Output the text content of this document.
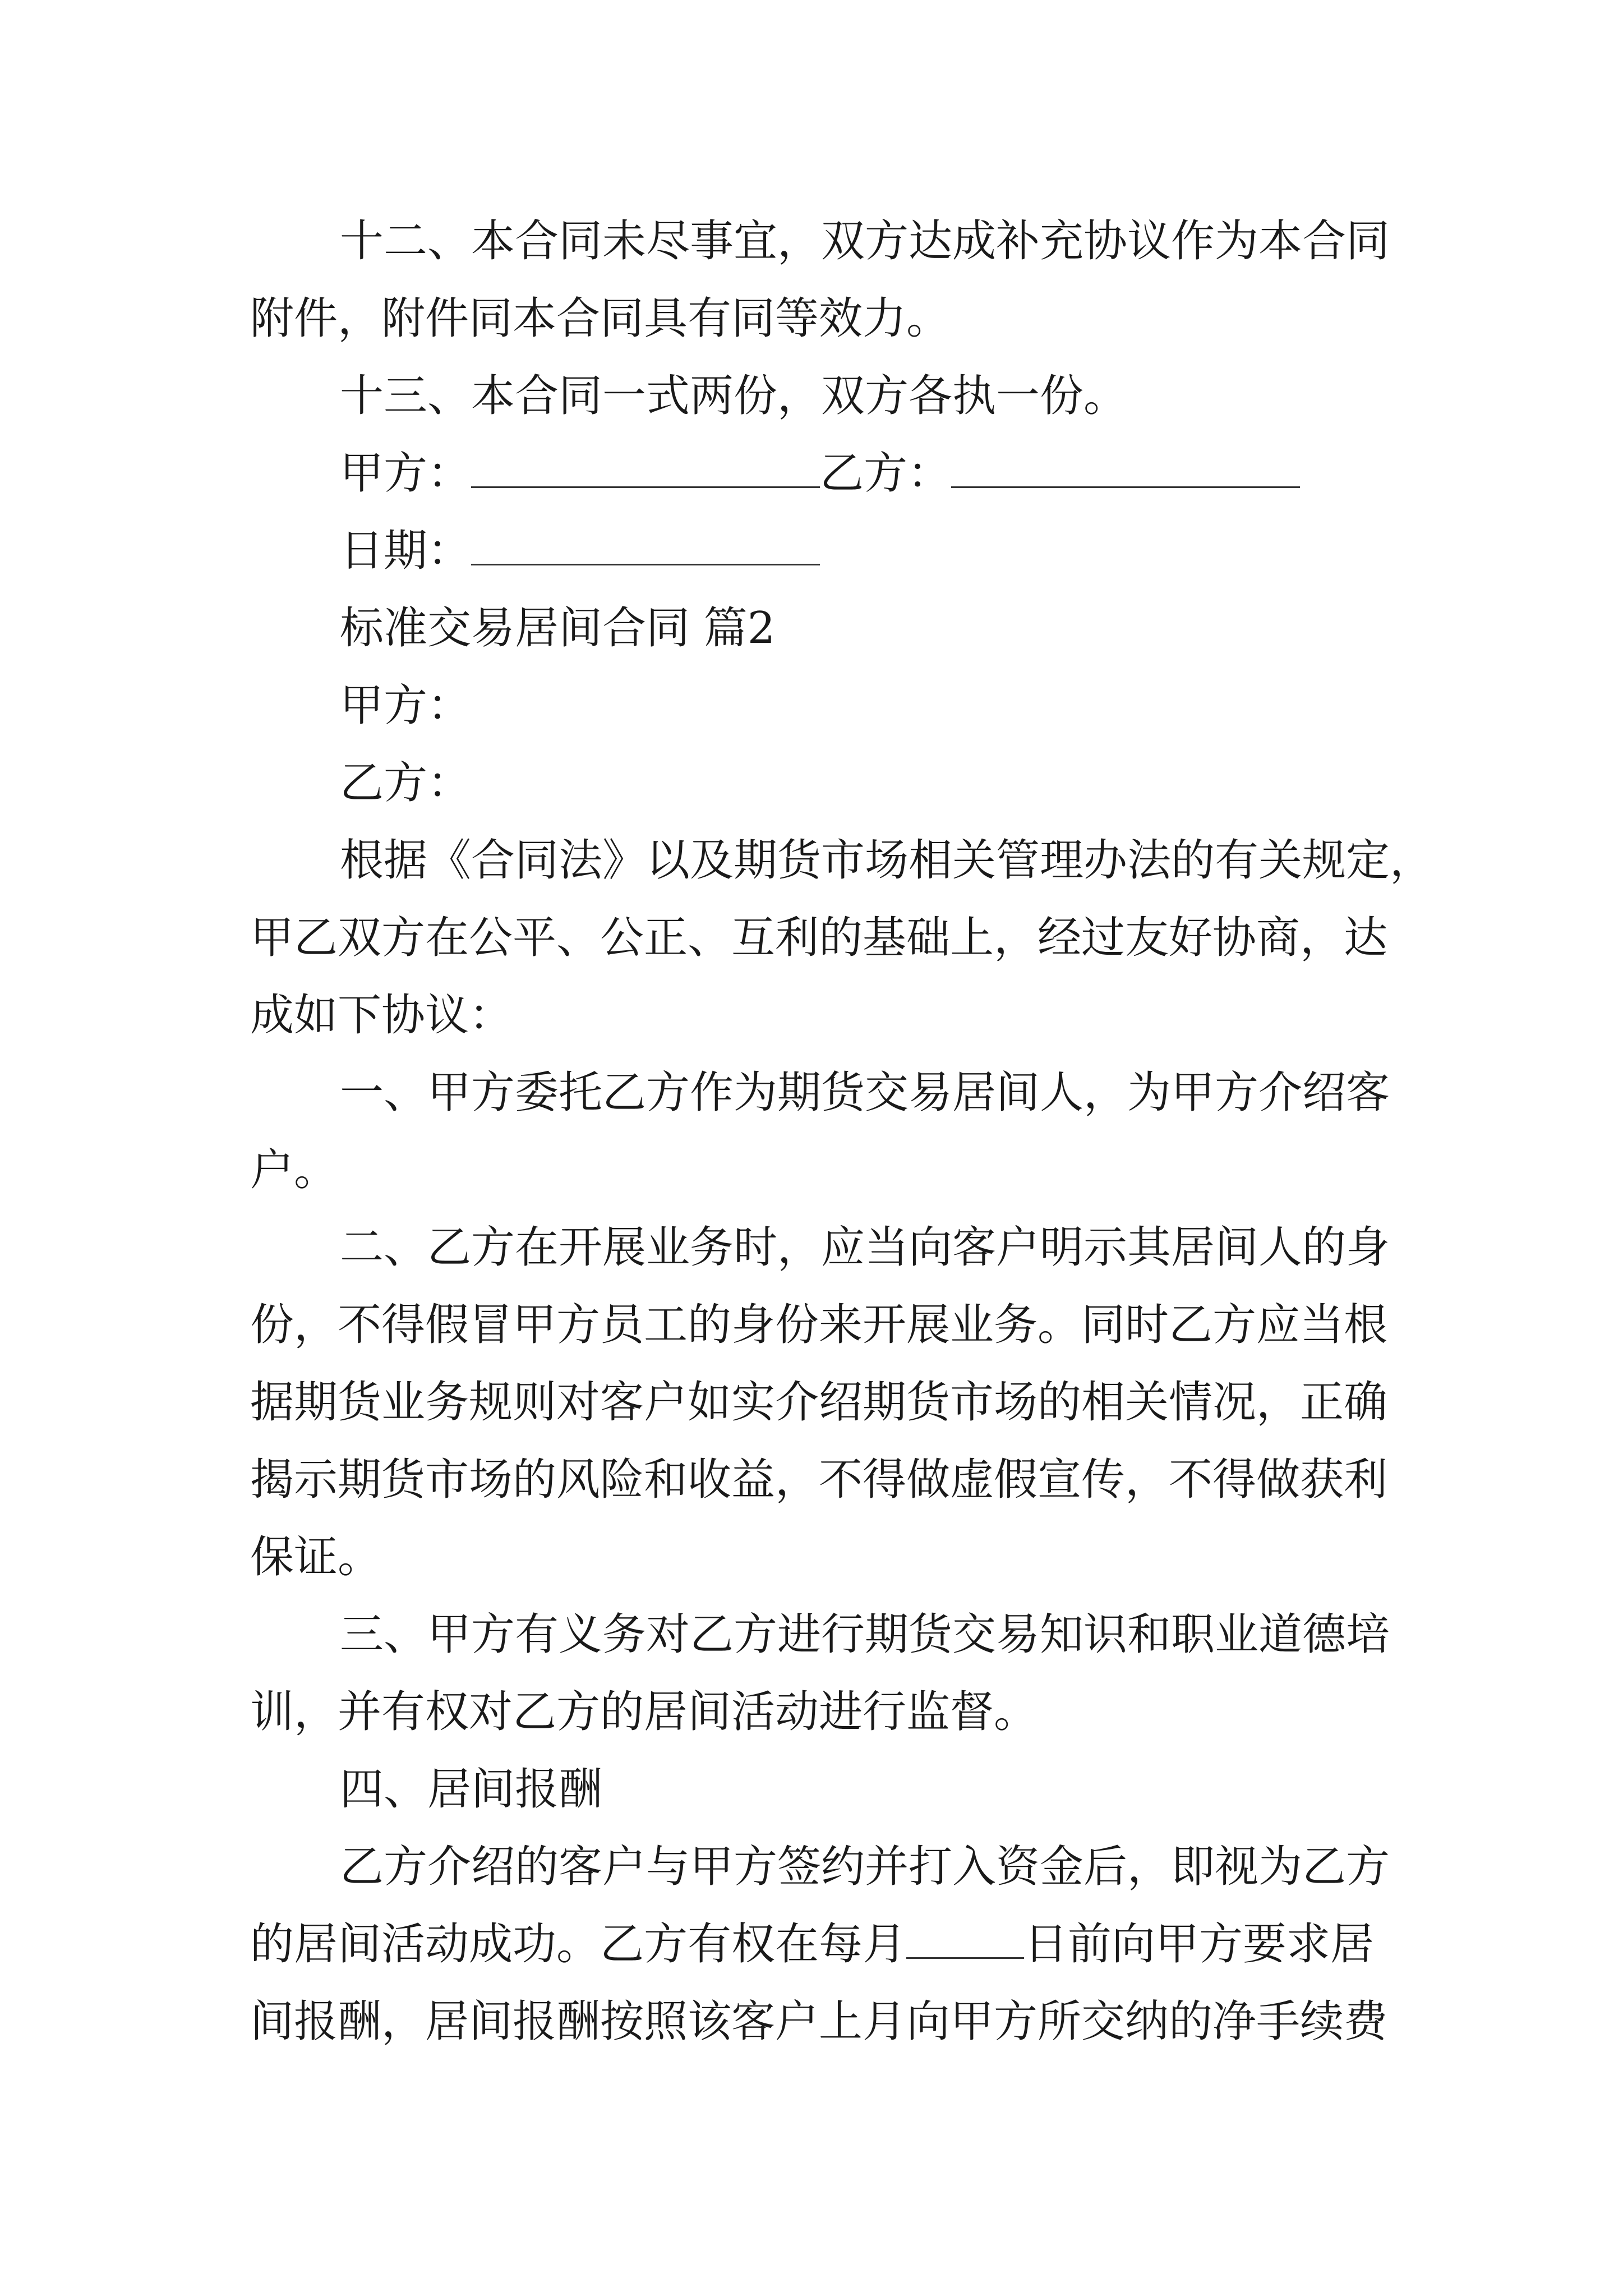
十二、本合同未尽事宜，双方达成补充协议作为本合同
附件，附件同本合同具有同等效力。
十三、本合同一式两份，双方各执一份。
甲方：	乙方：
日期：
标准交易居间合同 篇2
甲方：
乙方：
根据《合同法》以及期货市场相关管理办法的有关规定，
甲乙双方在公平、公正、互利的基础上，经过友好协商，达
成如下协议：
一、甲方委托乙方作为期货交易居间人，为甲方介绍客
户。
二、乙方在开展业务时，应当向客户明示其居间人的身
份，不得假冒甲方员工的身份来开展业务。同时乙方应当根
据期货业务规则对客户如实介绍期货市场的相关情况，正确
揭示期货市场的风险和收益，不得做虚假宣传，不得做获利
保证。
三、甲方有义务对乙方进行期货交易知识和职业道德培
训，并有权对乙方的居间活动进行监督。
四、居间报酬
乙方介绍的客户与甲方签约并打入资金后，即视为乙方
的居间活动成功。乙方有权在每月	日前向甲方要求居
间报酬，居间报酬按照该客户上月向甲方所交纳的净手续费
